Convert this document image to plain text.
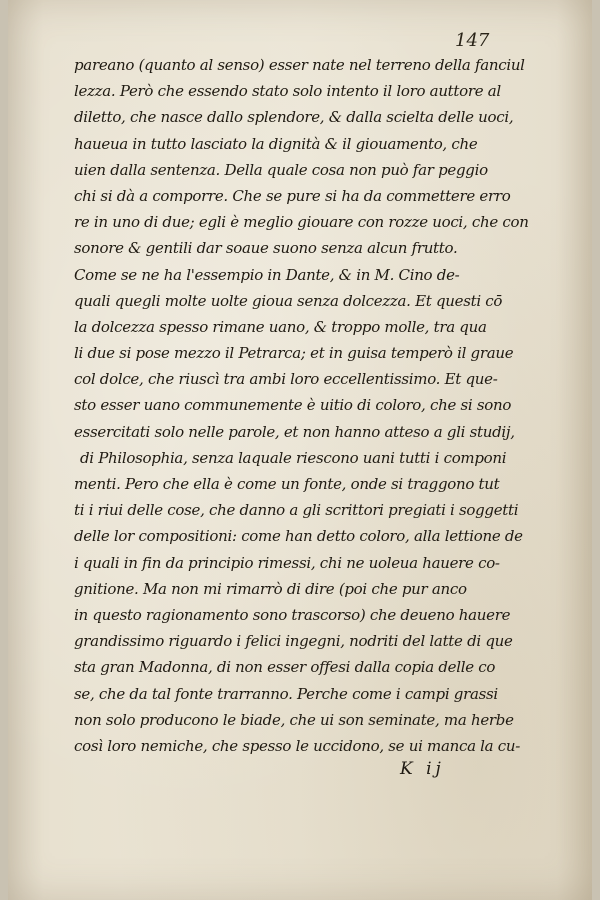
147
pareano (quanto al senso) esser nate nel terreno della fanciul
lezza. Però che essendo stato solo intento il loro auttore al
diletto, che nasce dallo splendore, & dalla scielta delle uoci,
haueua in tutto lasciato la dignità & il giouamento, che
uien dalla sentenza. Della quale cosa non può far peggio
chi si dà a comporre. Che se pure si ha da commettere erro
re in uno di due; egli è meglio giouare con rozze uoci, che con
sonore & gentili dar soaue suono senza alcun frutto.
Come se ne ha l'essempio in Dante, & in M. Cino de-
quali quegli molte uolte gioua senza dolcezza. Et questi cō
la dolcezza spesso rimane uano, & troppo molle, tra qua
li due si pose mezzo il Petrarca; et in guisa temperò il graue
col dolce, che riuscì tra ambi loro eccellentissimo. Et que-
sto esser uano communemente è uitio di coloro, che si sono
essercitati solo nelle parole, et non hanno atteso a gli studij,
di Philosophia, senza laquale riescono uani tutti i componi
menti. Pero che ella è come un fonte, onde si traggono tut
ti i riui delle cose, che danno a gli scrittori pregiati i soggetti
delle lor compositioni: come han detto coloro, alla lettione de
i quali in fin da principio rimessi, chi ne uoleua hauere co-
gnitione. Ma non mi rimarrò di dire (poi che pur anco
in questo ragionamento sono trascorso) che deueno hauere
grandissimo riguardo i felici ingegni, nodriti del latte di que
sta gran Madonna, di non esser offesi dalla copia delle co
se, che da tal fonte trarranno. Perche come i campi grassi
non solo producono le biade, che ui son seminate, ma herbe
così loro nemiche, che spesso le uccidono, se ui manca la cu-
K ij
